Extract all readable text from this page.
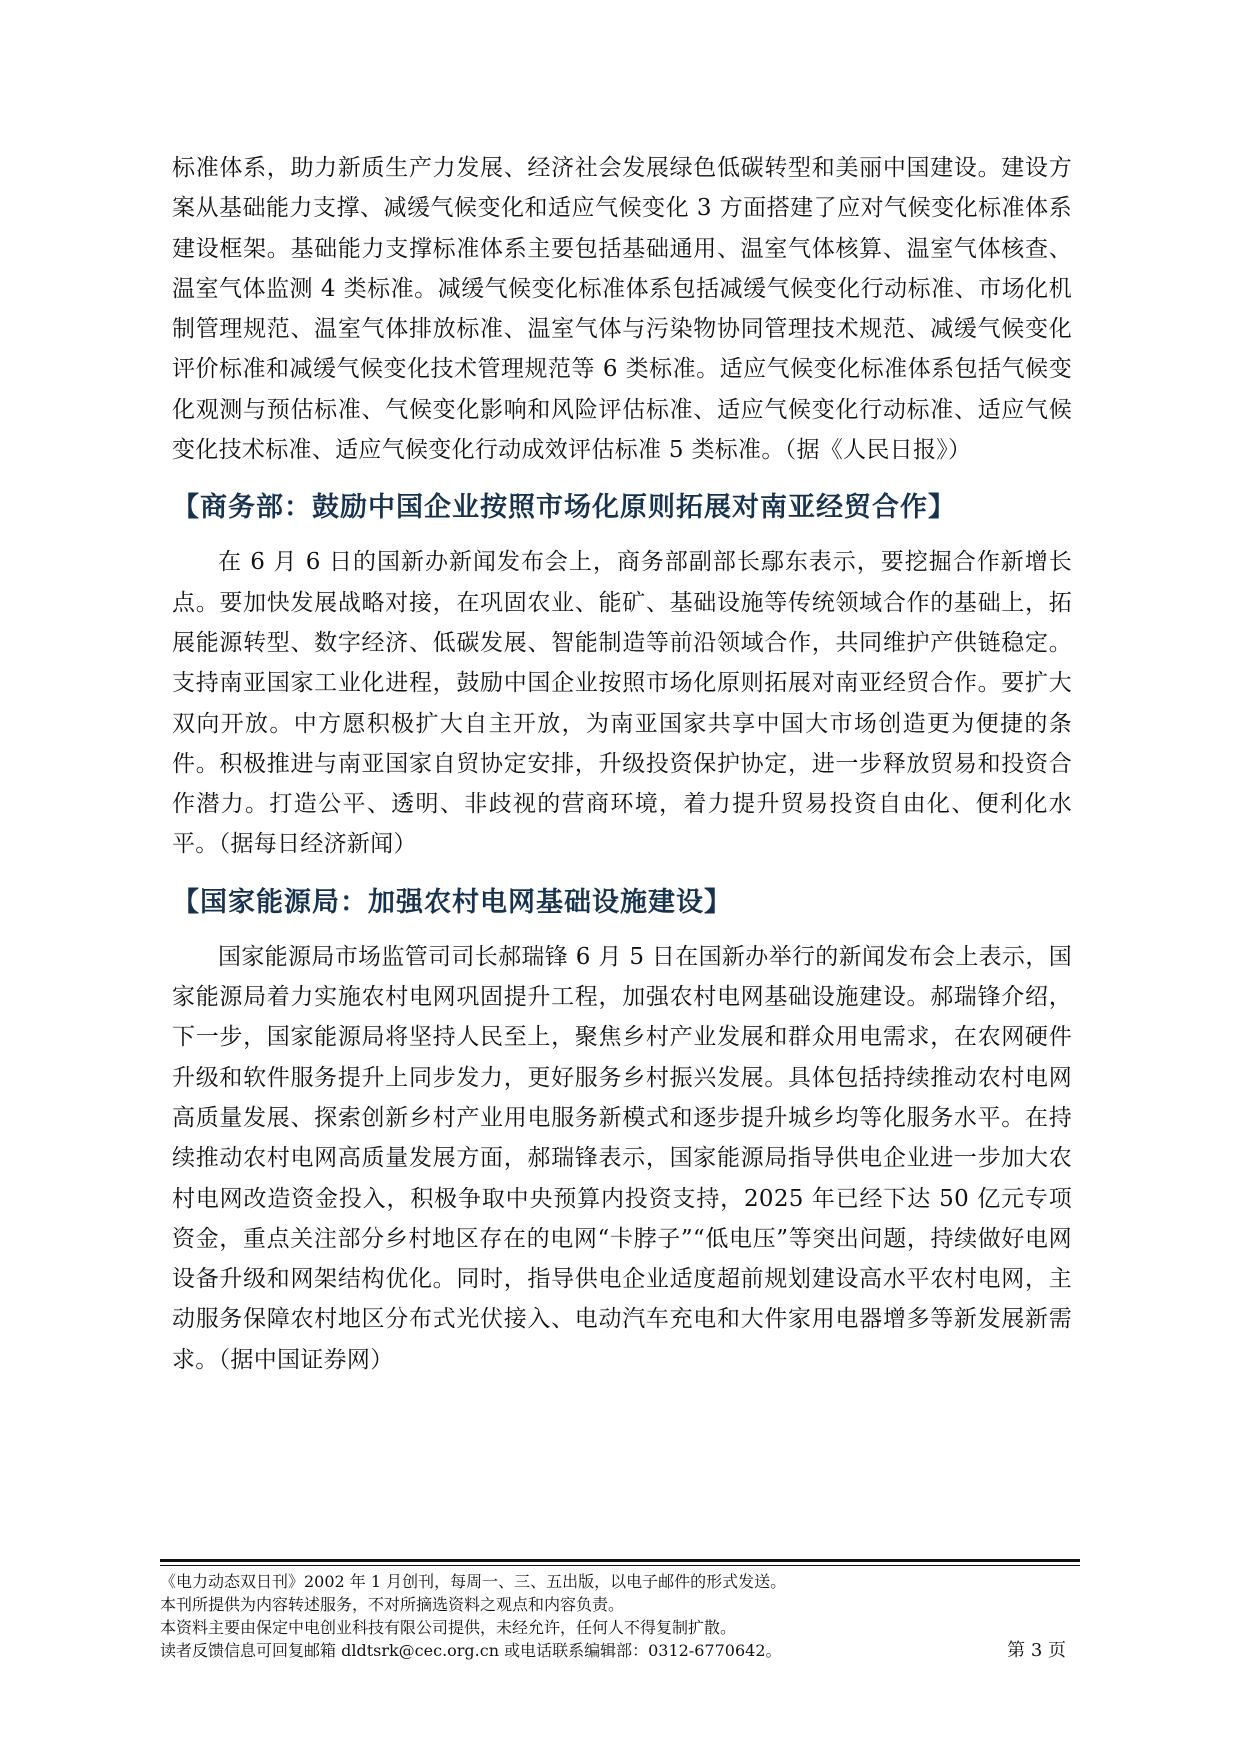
标准体系，助力新质生产力发展、经济社会发展绿色低碳转型和美丽中国建设。建设方案从基础能力支撑、减缓气候变化和适应气候变化 3 方面搭建了应对气候变化标准体系建设框架。基础能力支撑标准体系主要包括基础通用、温室气体核算、温室气体核查、温室气体监测 4 类标准。减缓气候变化标准体系包括减缓气候变化行动标准、市场化机制管理规范、温室气体排放标准、温室气体与污染物协同管理技术规范、减缓气候变化评价标准和减缓气候变化技术管理规范等 6 类标准。适应气候变化标准体系包括气候变化观测与预估标准、气候变化影响和风险评估标准、适应气候变化行动标准、适应气候变化技术标准、适应气候变化行动成效评估标准 5 类标准。（据《人民日报》）

【商务部：鼓励中国企业按照市场化原则拓展对南亚经贸合作】

在 6 月 6 日的国新办新闻发布会上，商务部副部长鄢东表示，要挖掘合作新增长点。要加快发展战略对接，在巩固农业、能矿、基础设施等传统领域合作的基础上，拓展能源转型、数字经济、低碳发展、智能制造等前沿领域合作，共同维护产供链稳定。支持南亚国家工业化进程，鼓励中国企业按照市场化原则拓展对南亚经贸合作。要扩大双向开放。中方愿积极扩大自主开放，为南亚国家共享中国大市场创造更为便捷的条件。积极推进与南亚国家自贸协定安排，升级投资保护协定，进一步释放贸易和投资合作潜力。打造公平、透明、非歧视的营商环境，着力提升贸易投资自由化、便利化水平。（据每日经济新闻）

【国家能源局：加强农村电网基础设施建设】

国家能源局市场监管司司长郝瑞锋 6 月 5 日在国新办举行的新闻发布会上表示，国家能源局着力实施农村电网巩固提升工程，加强农村电网基础设施建设。郝瑞锋介绍，下一步，国家能源局将坚持人民至上，聚焦乡村产业发展和群众用电需求，在农网硬件升级和软件服务提升上同步发力，更好服务乡村振兴发展。具体包括持续推动农村电网高质量发展、探索创新乡村产业用电服务新模式和逐步提升城乡均等化服务水平。在持续推动农村电网高质量发展方面，郝瑞锋表示，国家能源局指导供电企业进一步加大农村电网改造资金投入，积极争取中央预算内投资支持，2025 年已经下达 50 亿元专项资金，重点关注部分乡村地区存在的电网“卡脖子”“低电压”等突出问题，持续做好电网设备升级和网架结构优化。同时，指导供电企业适度超前规划建设高水平农村电网，主动服务保障农村地区分布式光伏接入、电动汽车充电和大件家用电器增多等新发展新需求。（据中国证券网）

《电力动态双日刊》2002 年 1 月创刊，每周一、三、五出版，以电子邮件的形式发送。
本刊所提供为内容转述服务，不对所摘选资料之观点和内容负责。
本资料主要由保定中电创业科技有限公司提供，未经允许，任何人不得复制扩散。
读者反馈信息可回复邮箱 dldtsrk@cec.org.cn 或电话联系编辑部：0312-6770642。	第 3 页
